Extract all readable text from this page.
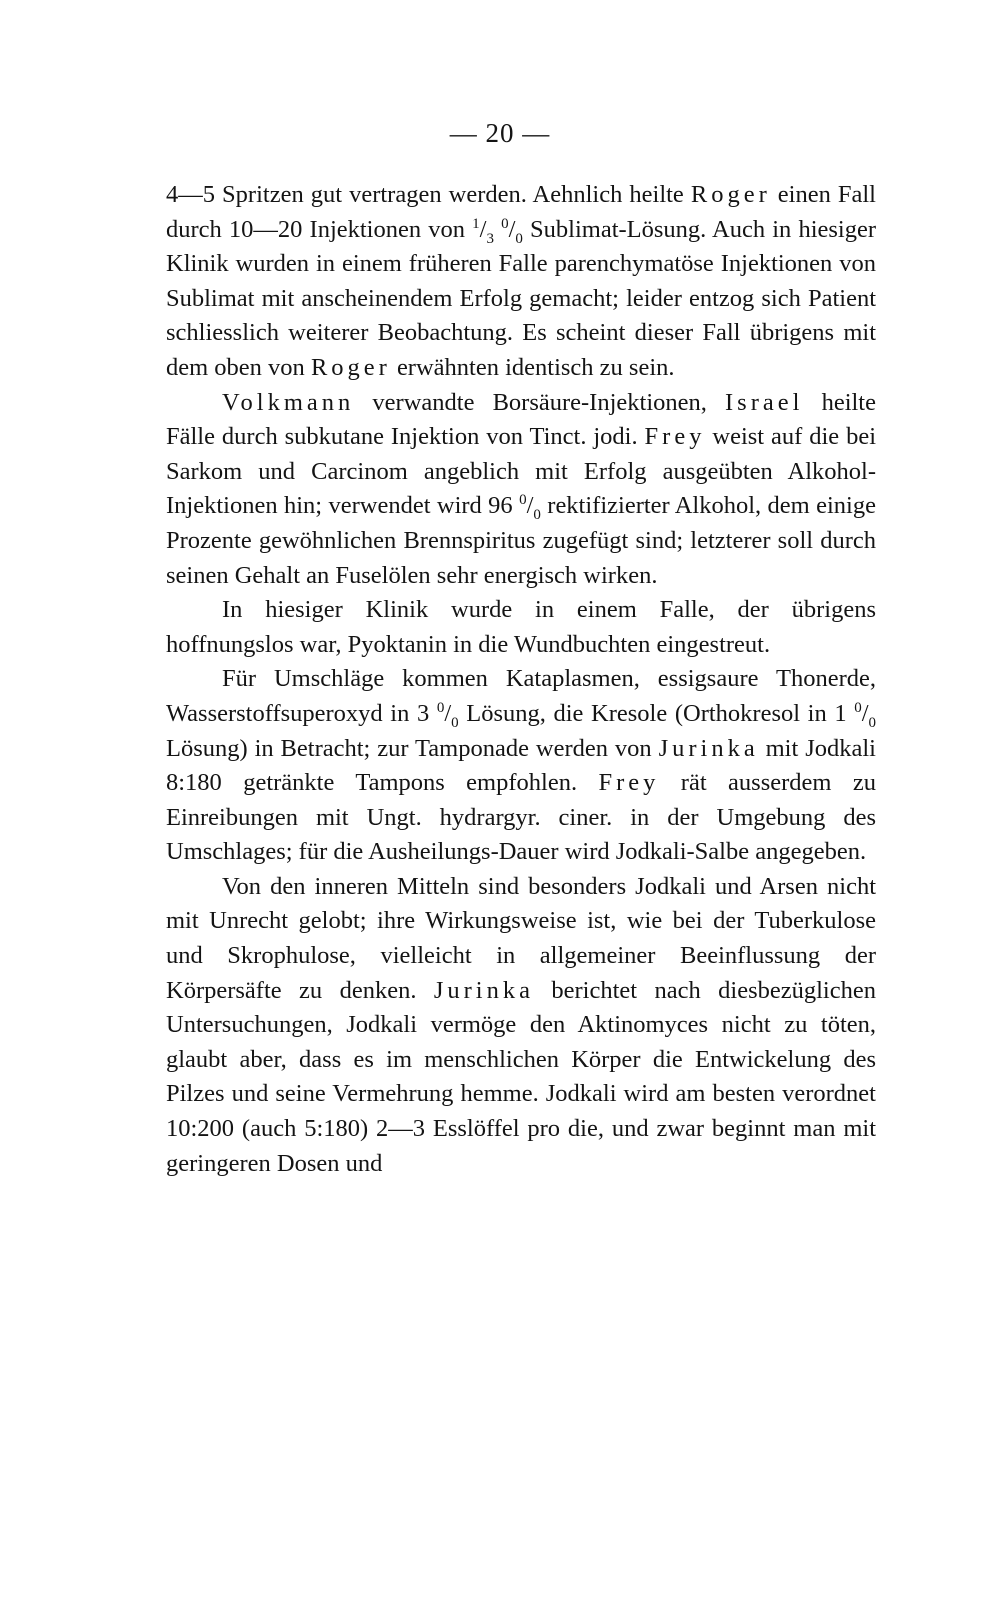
— 20 —

4—5 Spritzen gut vertragen werden. Aehnlich heilte Roger einen Fall durch 10—20 Injektionen von $^1/_3$ $^0/_0$ Sublimat-Lösung. Auch in hiesiger Klinik wurden in einem früheren Falle parenchymatöse Injektionen von Sublimat mit anscheinendem Erfolg gemacht; leider entzog sich Patient schliesslich weiterer Beobachtung. Es scheint dieser Fall übrigens mit dem oben von Roger erwähnten identisch zu sein.

Volkmann verwandte Borsäure-Injektionen, Israel heilte Fälle durch subkutane Injektion von Tinct. jodi. Frey weist auf die bei Sarkom und Carcinom angeblich mit Erfolg ausgeübten Alkohol-Injektionen hin; verwendet wird 96 $^0/_0$ rektifizierter Alkohol, dem einige Prozente gewöhnlichen Brennspiritus zugefügt sind; letzterer soll durch seinen Gehalt an Fuselölen sehr energisch wirken.

In hiesiger Klinik wurde in einem Falle, der übrigens hoffnungslos war, Pyoktanin in die Wundbuchten eingestreut.

Für Umschläge kommen Kataplasmen, essigsaure Thonerde, Wasserstoffsuperoxyd in 3 $^0/_0$ Lösung, die Kresole (Orthokresol in 1 $^0/_0$ Lösung) in Betracht; zur Tamponade werden von Jurinka mit Jodkali 8:180 getränkte Tampons empfohlen. Frey rät ausserdem zu Einreibungen mit Ungt. hydrargyr. ciner. in der Umgebung des Umschlages; für die Ausheilungs-Dauer wird Jodkali-Salbe angegeben.

Von den inneren Mitteln sind besonders Jodkali und Arsen nicht mit Unrecht gelobt; ihre Wirkungsweise ist, wie bei der Tuberkulose und Skrophulose, vielleicht in allgemeiner Beeinflussung der Körpersäfte zu denken. Jurinka berichtet nach diesbezüglichen Untersuchungen, Jodkali vermöge den Aktinomyces nicht zu töten, glaubt aber, dass es im menschlichen Körper die Entwickelung des Pilzes und seine Vermehrung hemme. Jodkali wird am besten verordnet 10:200 (auch 5:180) 2—3 Esslöffel pro die, und zwar beginnt man mit geringeren Dosen und
